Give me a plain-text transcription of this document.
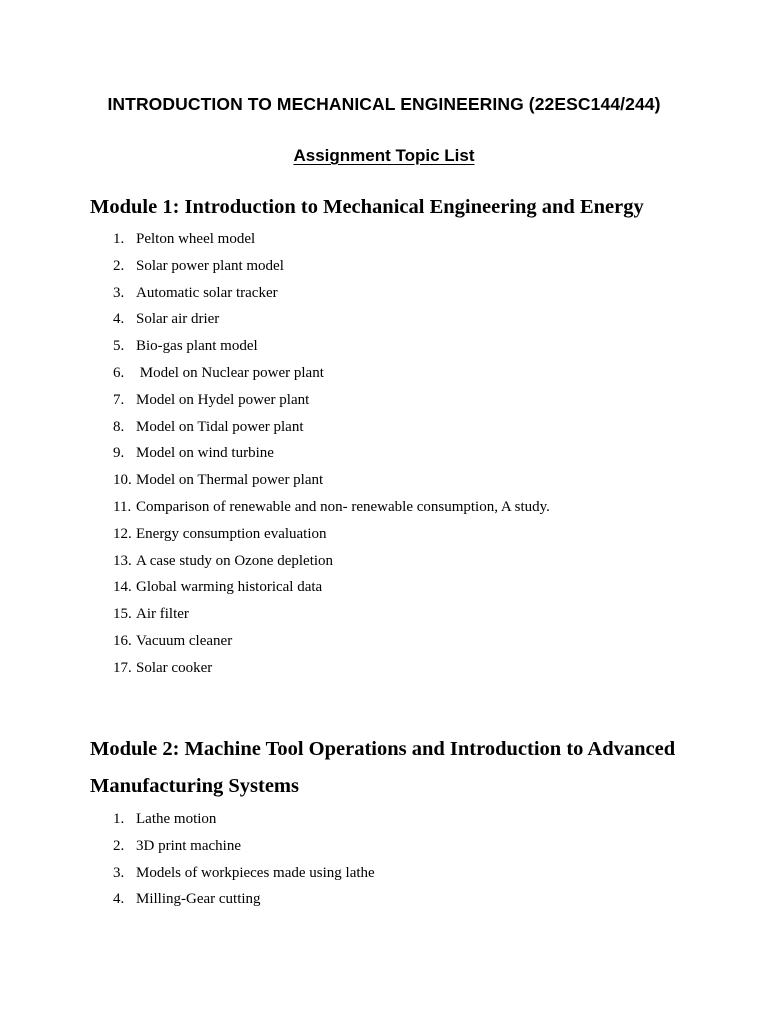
INTRODUCTION TO MECHANICAL ENGINEERING (22ESC144/244)
Assignment Topic List
Module 1: Introduction to Mechanical Engineering and Energy
1. Pelton wheel model
2. Solar power plant model
3. Automatic solar tracker
4. Solar air drier
5. Bio-gas plant model
6. Model on Nuclear power plant
7. Model on Hydel power plant
8. Model on Tidal power plant
9. Model on wind turbine
10. Model on Thermal power plant
11. Comparison of renewable and non- renewable consumption, A study.
12. Energy consumption evaluation
13. A case study on Ozone depletion
14. Global warming historical data
15. Air filter
16. Vacuum cleaner
17. Solar cooker
Module 2: Machine Tool Operations and Introduction to Advanced
Manufacturing Systems
1. Lathe motion
2. 3D print machine
3. Models of workpieces made using lathe
4. Milling-Gear cutting
